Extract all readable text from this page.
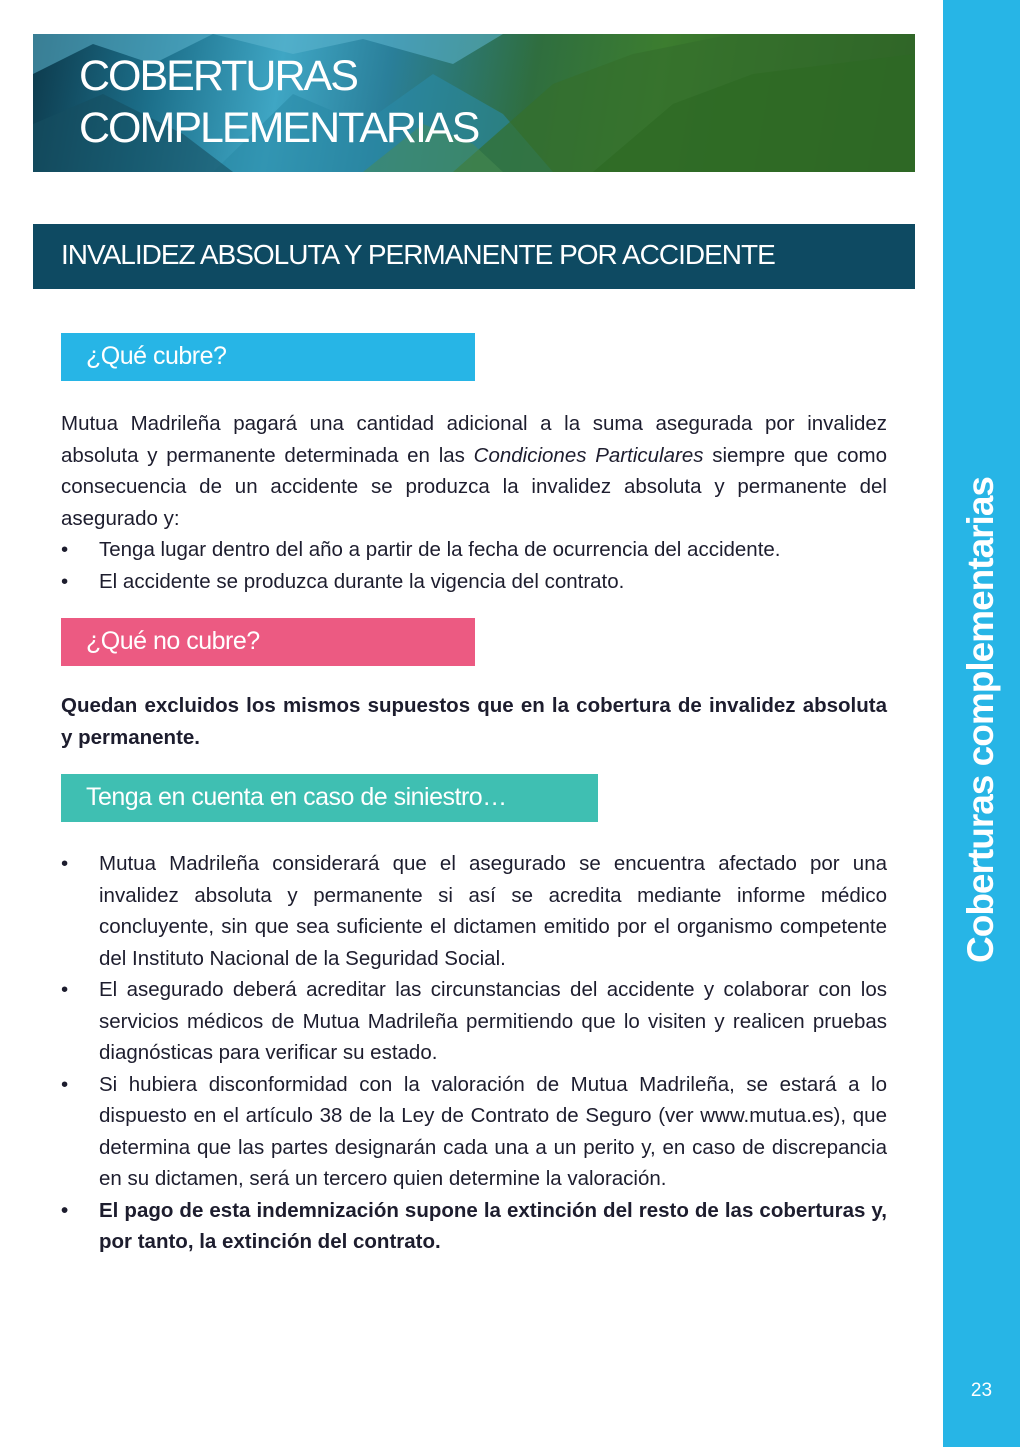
COBERTURAS
COMPLEMENTARIAS
INVALIDEZ ABSOLUTA Y PERMANENTE POR ACCIDENTE
¿Qué cubre?

Mutua Madrileña pagará una cantidad adicional a la suma asegurada por invalidez absoluta y permanente determinada en las Condiciones Particulares siempre que como consecuencia de un accidente se produzca la invalidez absoluta y permanente del asegurado y:

• Tenga lugar dentro del año a partir de la fecha de ocurrencia del accidente.
• El accidente se produzca durante la vigencia del contrato.
¿Qué no cubre?

Quedan excluidos los mismos supuestos que en la cobertura de invalidez absoluta y permanente.

Tenga en cuenta en caso de siniestro…
• Mutua Madrileña considerará que el asegurado se encuentra afectado por una invalidez absoluta y permanente si así se acredita mediante informe médico concluyente, sin que sea suficiente el dictamen emitido por el organismo competente del Instituto Nacional de la Seguridad Social.
• El asegurado deberá acreditar las circunstancias del accidente y colaborar con los servicios médicos de Mutua Madrileña permitiendo que lo visiten y realicen pruebas diagnósticas para verificar su estado.
• Si hubiera disconformidad con la valoración de Mutua Madrileña, se estará a lo dispuesto en el artículo 38 de la Ley de Contrato de Seguro (ver www.mutua.es), que determina que las partes designarán cada una a un perito y, en caso de discrepancia en su dictamen, será un tercero quien determine la valoración.
• El pago de esta indemnización supone la extinción del resto de las coberturas y, por tanto, la extinción del contrato.
Coberturas complementarias
23
